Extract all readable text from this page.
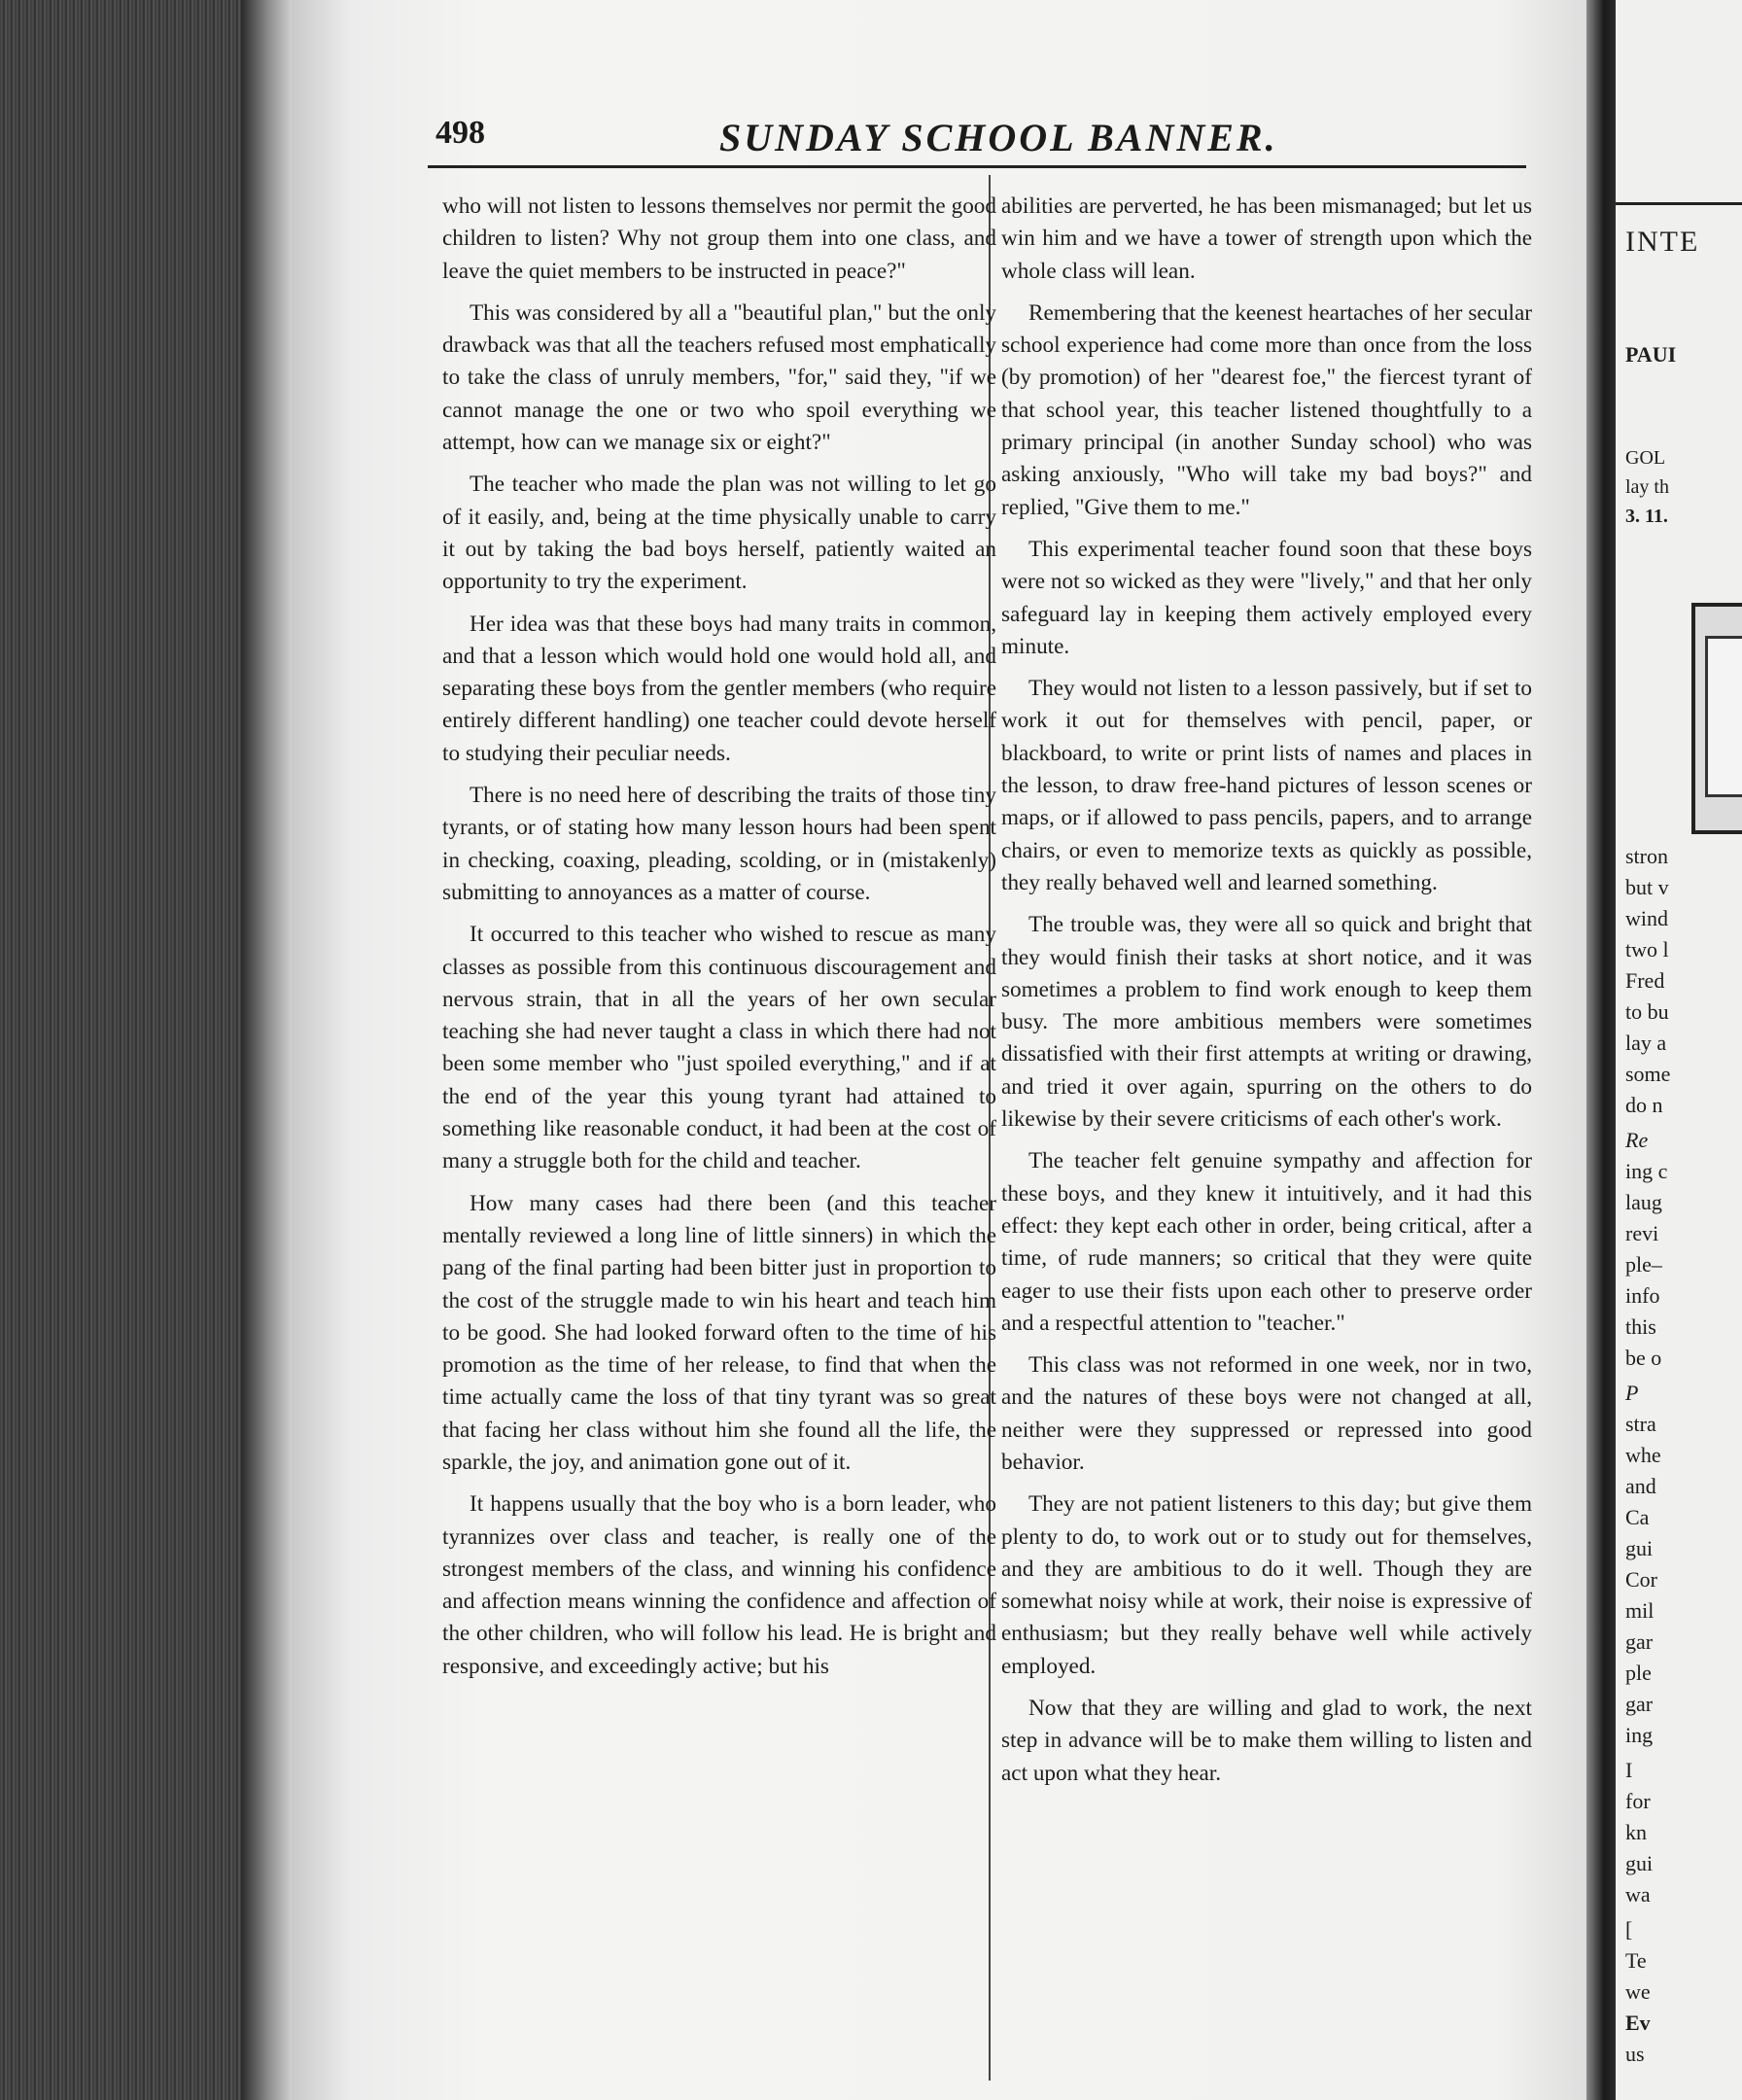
498	SUNDAY SCHOOL BANNER.

who will not listen to lessons themselves nor permit the good children to listen? Why not group them into one class, and leave the quiet members to be instructed in peace?"

This was considered by all a "beautiful plan," but the only drawback was that all the teachers refused most emphatically to take the class of unruly members, "for," said they, "if we cannot manage the one or two who spoil everything we attempt, how can we manage six or eight?"

The teacher who made the plan was not willing to let go of it easily, and, being at the time physically unable to carry it out by taking the bad boys herself, patiently waited an opportunity to try the experiment.

Her idea was that these boys had many traits in common, and that a lesson which would hold one would hold all, and separating these boys from the gentler members (who require entirely different handling) one teacher could devote herself to studying their peculiar needs.

There is no need here of describing the traits of those tiny tyrants, or of stating how many lesson hours had been spent in checking, coaxing, pleading, scolding, or in (mistakenly) submitting to annoyances as a matter of course.

It occurred to this teacher who wished to rescue as many classes as possible from this continuous discouragement and nervous strain, that in all the years of her own secular teaching she had never taught a class in which there had not been some member who "just spoiled everything," and if at the end of the year this young tyrant had attained to something like reasonable conduct, it had been at the cost of many a struggle both for the child and teacher.

How many cases had there been (and this teacher mentally reviewed a long line of little sinners) in which the pang of the final parting had been bitter just in proportion to the cost of the struggle made to win his heart and teach him to be good. She had looked forward often to the time of his promotion as the time of her release, to find that when the time actually came the loss of that tiny tyrant was so great that facing her class without him she found all the life, the sparkle, the joy, and animation gone out of it.

It happens usually that the boy who is a born leader, who tyrannizes over class and teacher, is really one of the strongest members of the class, and winning his confidence and affection means winning the confidence and affection of the other children, who will follow his lead. He is bright and responsive, and exceedingly active; but his

abilities are perverted, he has been mismanaged; but let us win him and we have a tower of strength upon which the whole class will lean.

Remembering that the keenest heartaches of her secular school experience had come more than once from the loss (by promotion) of her "dearest foe," the fiercest tyrant of that school year, this teacher listened thoughtfully to a primary principal (in another Sunday school) who was asking anxiously, "Who will take my bad boys?" and replied, "Give them to me."

This experimental teacher found soon that these boys were not so wicked as they were "lively," and that her only safeguard lay in keeping them actively employed every minute.

They would not listen to a lesson passively, but if set to work it out for themselves with pencil, paper, or blackboard, to write or print lists of names and places in the lesson, to draw free-hand pictures of lesson scenes or maps, or if allowed to pass pencils, papers, and to arrange chairs, or even to memorize texts as quickly as possible, they really behaved well and learned something.

The trouble was, they were all so quick and bright that they would finish their tasks at short notice, and it was sometimes a problem to find work enough to keep them busy. The more ambitious members were sometimes dissatisfied with their first attempts at writing or drawing, and tried it over again, spurring on the others to do likewise by their severe criticisms of each other's work.

The teacher felt genuine sympathy and affection for these boys, and they knew it intuitively, and it had this effect: they kept each other in order, being critical, after a time, of rude manners; so critical that they were quite eager to use their fists upon each other to preserve order and a respectful attention to "teacher."

This class was not reformed in one week, nor in two, and the natures of these boys were not changed at all, neither were they suppressed or repressed into good behavior.

They are not patient listeners to this day; but give them plenty to do, to work out or to study out for themselves, and they are ambitious to do it well. Though they are somewhat noisy while at work, their noise is expressive of enthusiasm; but they really behave well while actively employed.

Now that they are willing and glad to work, the next step in advance will be to make them willing to listen and act upon what they hear.

INTE
PAUI
GOL
lay th
3. 11.
stron
but v
wind
two l
Fred
to bu
lay a
some
do n
Re
ing c
laug
revi
ple–
info
this
be o
P
stra
whe
and
Ca
gui
Cor
mil
gar
ple
gar
ing
I
for
kn
gui
wa
[
Te
we
Ev
us
